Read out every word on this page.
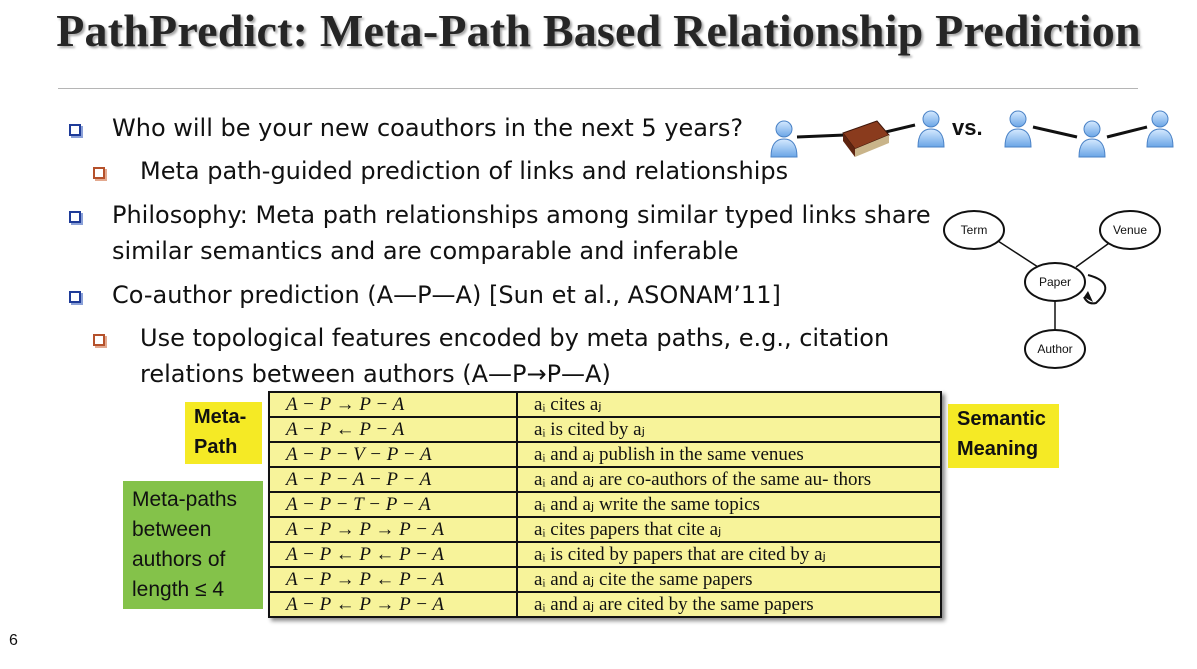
PathPredict: Meta-Path Based Relationship Prediction
Who will be your new coauthors in the next 5 years?
Meta path-guided prediction of links and relationships
Philosophy: Meta path relationships among similar typed links share
similar semantics and are comparable and inferable
Co-author prediction (A—P—A) [Sun et al., ASONAM’11]
Use topological features encoded by meta paths, e.g., citation
relations between authors (A—P→P—A)
vs.
Term	Venue
Paper
Author
Meta-
Path
Semantic
Meaning
Meta-paths
between
authors of
length ≤ 4
A − P → P − A	aᵢ cites aⱼ
A − P ← P − A	aᵢ is cited by aⱼ
A − P − V − P − A	aᵢ and aⱼ publish in the same venues
A − P − A − P − A	aᵢ and aⱼ are co-authors of the same au- thors
A − P − T − P − A	aᵢ and aⱼ write the same topics
A − P → P → P − A	aᵢ cites papers that cite aⱼ
A − P ← P ← P − A	aᵢ is cited by papers that are cited by aⱼ
A − P → P ← P − A	aᵢ and aⱼ cite the same papers
A − P ← P → P − A	aᵢ and aⱼ are cited by the same papers
6
